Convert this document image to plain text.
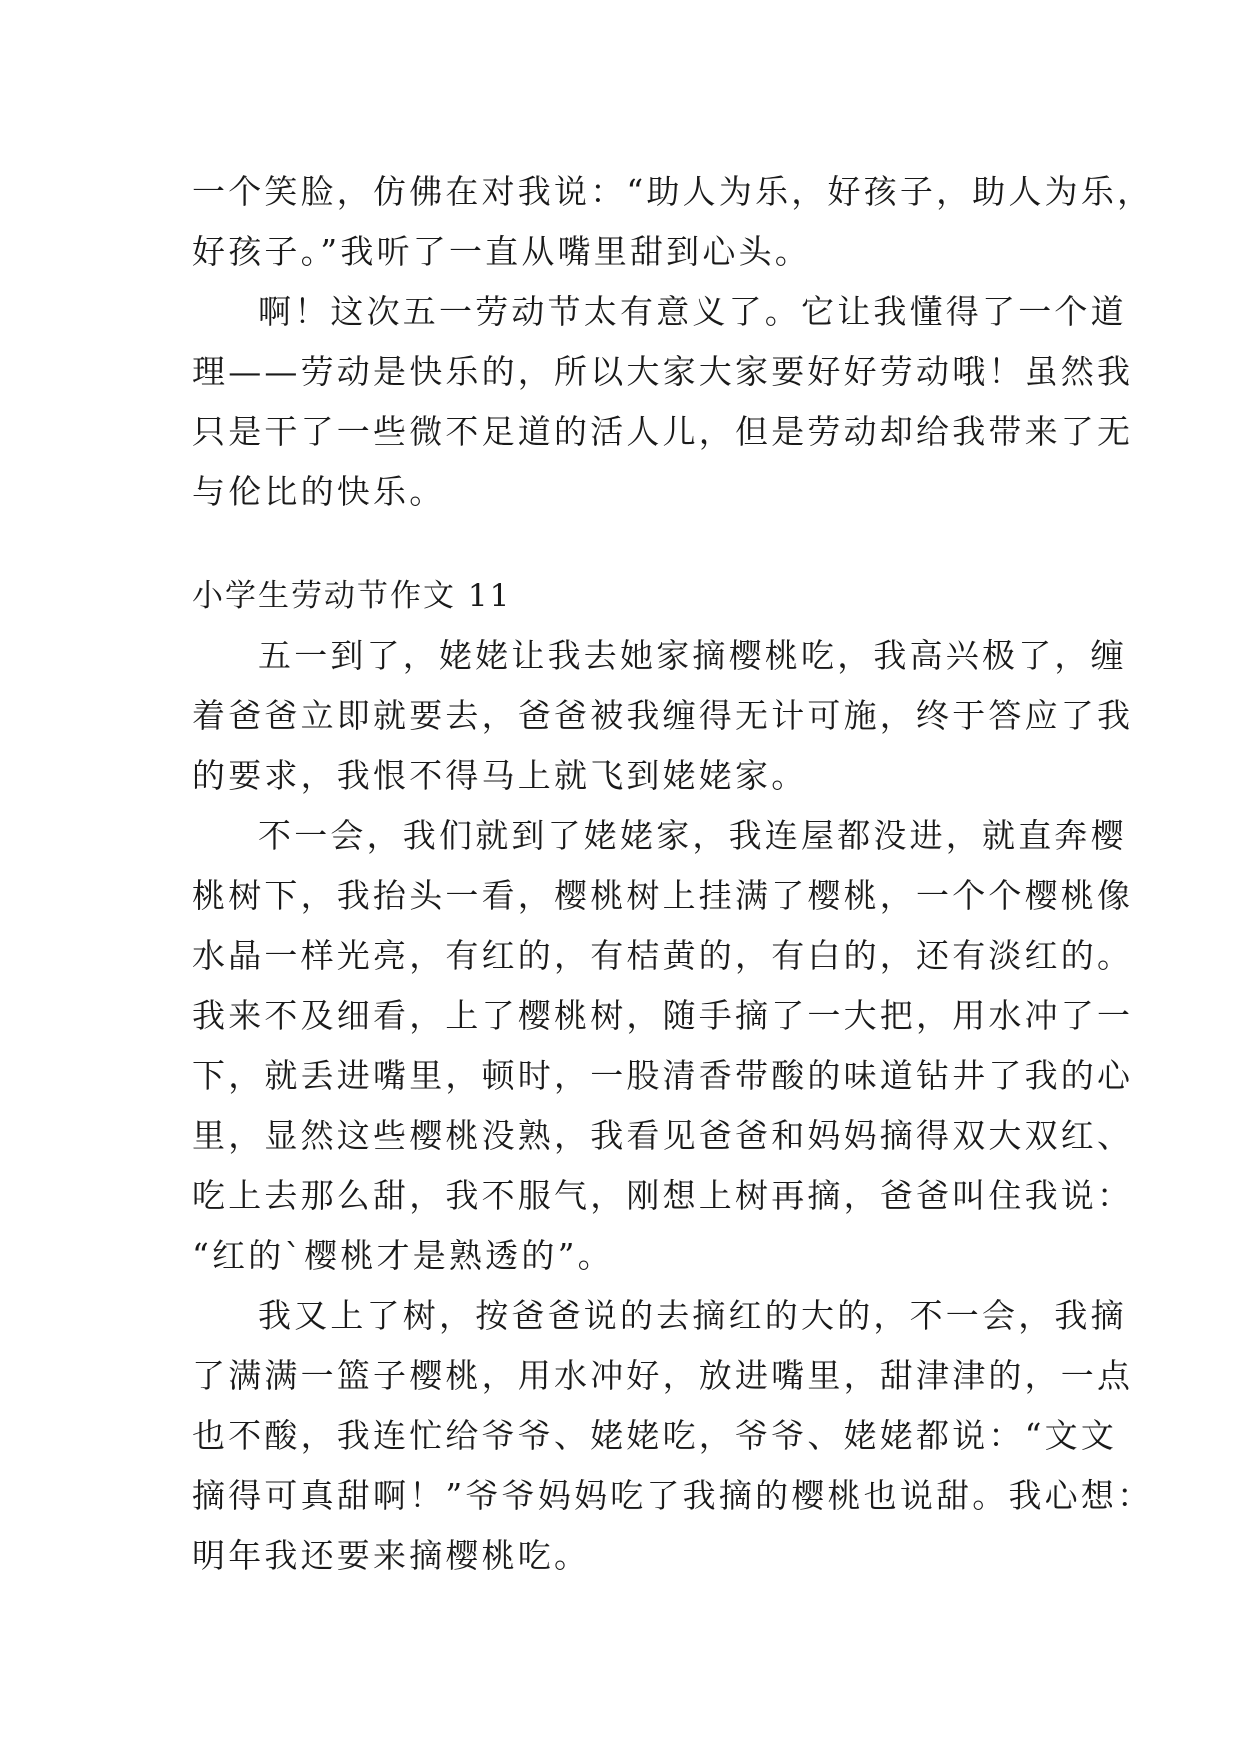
一个笑脸，仿佛在对我说：“助人为乐，好孩子，助人为乐，
好孩子。”我听了一直从嘴里甜到心头。
啊！这次五一劳动节太有意义了。它让我懂得了一个道
理——劳动是快乐的，所以大家大家要好好劳动哦！虽然我
只是干了一些微不足道的活人儿，但是劳动却给我带来了无
与伦比的快乐。
小学生劳动节作文 11
五一到了，姥姥让我去她家摘樱桃吃，我高兴极了，缠
着爸爸立即就要去，爸爸被我缠得无计可施，终于答应了我
的要求，我恨不得马上就飞到姥姥家。
不一会，我们就到了姥姥家，我连屋都没进，就直奔樱
桃树下，我抬头一看，樱桃树上挂满了樱桃，一个个樱桃像
水晶一样光亮，有红的，有桔黄的，有白的，还有淡红的。
我来不及细看，上了樱桃树，随手摘了一大把，用水冲了一
下，就丢进嘴里，顿时，一股清香带酸的味道钻井了我的心
里，显然这些樱桃没熟，我看见爸爸和妈妈摘得双大双红、
吃上去那么甜，我不服气，刚想上树再摘，爸爸叫住我说：
“红的`樱桃才是熟透的”。
我又上了树，按爸爸说的去摘红的大的，不一会，我摘
了满满一篮子樱桃，用水冲好，放进嘴里，甜津津的，一点
也不酸，我连忙给爷爷、姥姥吃，爷爷、姥姥都说：“文文
摘得可真甜啊！”爷爷妈妈吃了我摘的樱桃也说甜。我心想：
明年我还要来摘樱桃吃。
